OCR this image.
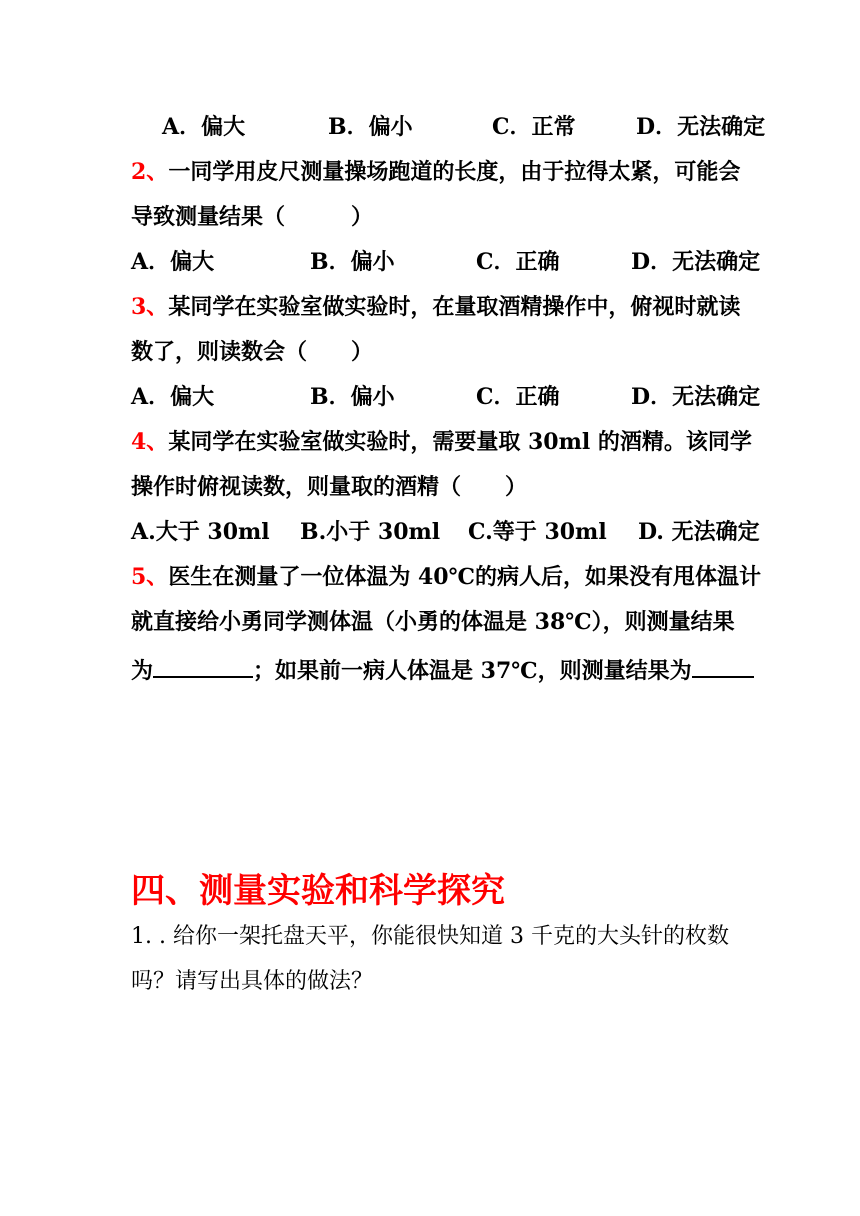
A．偏大	B．偏小	C．正常	D．无法确定
2、一同学用皮尺测量操场跑道的长度，由于拉得太紧，可能会
导致测量结果（　　　）
A．偏大	B．偏小	C．正确	D．无法确定
3、某同学在实验室做实验时，在量取酒精操作中，俯视时就读
数了，则读数会（　　）
A．偏大	B．偏小	C．正确	D．无法确定
4、某同学在实验室做实验时，需要量取 30ml 的酒精。该同学
操作时俯视读数，则量取的酒精（　　）
A.大于 30ml B.小于 30ml C.等于 30ml D. 无法确定
5、医生在测量了一位体温为 40℃的病人后，如果没有甩体温计
就直接给小勇同学测体温（小勇的体温是 38℃），则测量结果
为	；如果前一病人体温是 37℃，则测量结果为
四、测量实验和科学探究
1. . 给你一架托盘天平，你能很快知道 3 千克的大头针的枚数
吗？请写出具体的做法？
